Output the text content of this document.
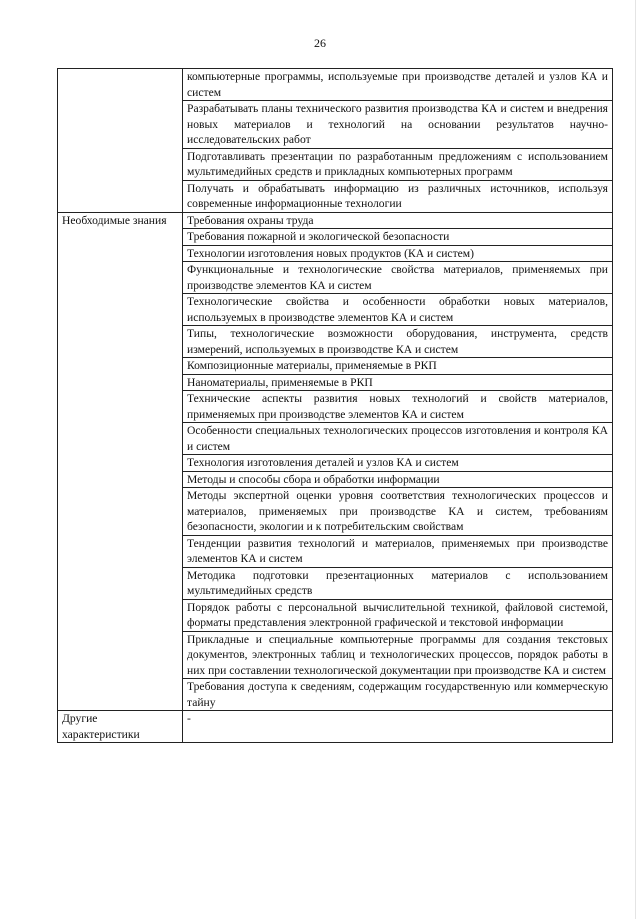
26
	компьютерные программы, используемые при производстве деталей и узлов КА и систем
	Разрабатывать планы технического развития производства КА и систем и внедрения новых материалов и технологий на основании результатов научно-исследовательских работ
	Подготавливать презентации по разработанным предложениям с использованием мультимедийных средств и прикладных компьютерных программ
	Получать и обрабатывать информацию из различных источников, используя современные информационные технологии
Необходимые знания	Требования охраны труда
	Требования пожарной и экологической безопасности
	Технологии изготовления новых продуктов (КА и систем)
	Функциональные и технологические свойства материалов, применяемых при производстве элементов КА и систем
	Технологические свойства и особенности обработки новых материалов, используемых в производстве элементов КА и систем
	Типы, технологические возможности оборудования, инструмента, средств измерений, используемых в производстве КА и систем
	Композиционные материалы, применяемые в РКП
	Наноматериалы, применяемые в РКП
	Технические аспекты развития новых технологий и свойств материалов, применяемых при производстве элементов КА и систем
	Особенности специальных технологических процессов изготовления и контроля КА и систем
	Технология изготовления деталей и узлов КА и систем
	Методы и способы сбора и обработки информации
	Методы экспертной оценки уровня соответствия технологических процессов и материалов, применяемых при производстве КА и систем, требованиям безопасности, экологии и к потребительским свойствам
	Тенденции развития технологий и материалов, применяемых при производстве элементов КА и систем
	Методика подготовки презентационных материалов с использованием мультимедийных средств
	Порядок работы с персональной вычислительной техникой, файловой системой, форматы представления электронной графической и текстовой информации
	Прикладные и специальные компьютерные программы для создания текстовых документов, электронных таблиц и технологических процессов, порядок работы в них при составлении технологической документации при производстве КА и систем
	Требования доступа к сведениям, содержащим государственную или коммерческую тайну
Другие характеристики	-
